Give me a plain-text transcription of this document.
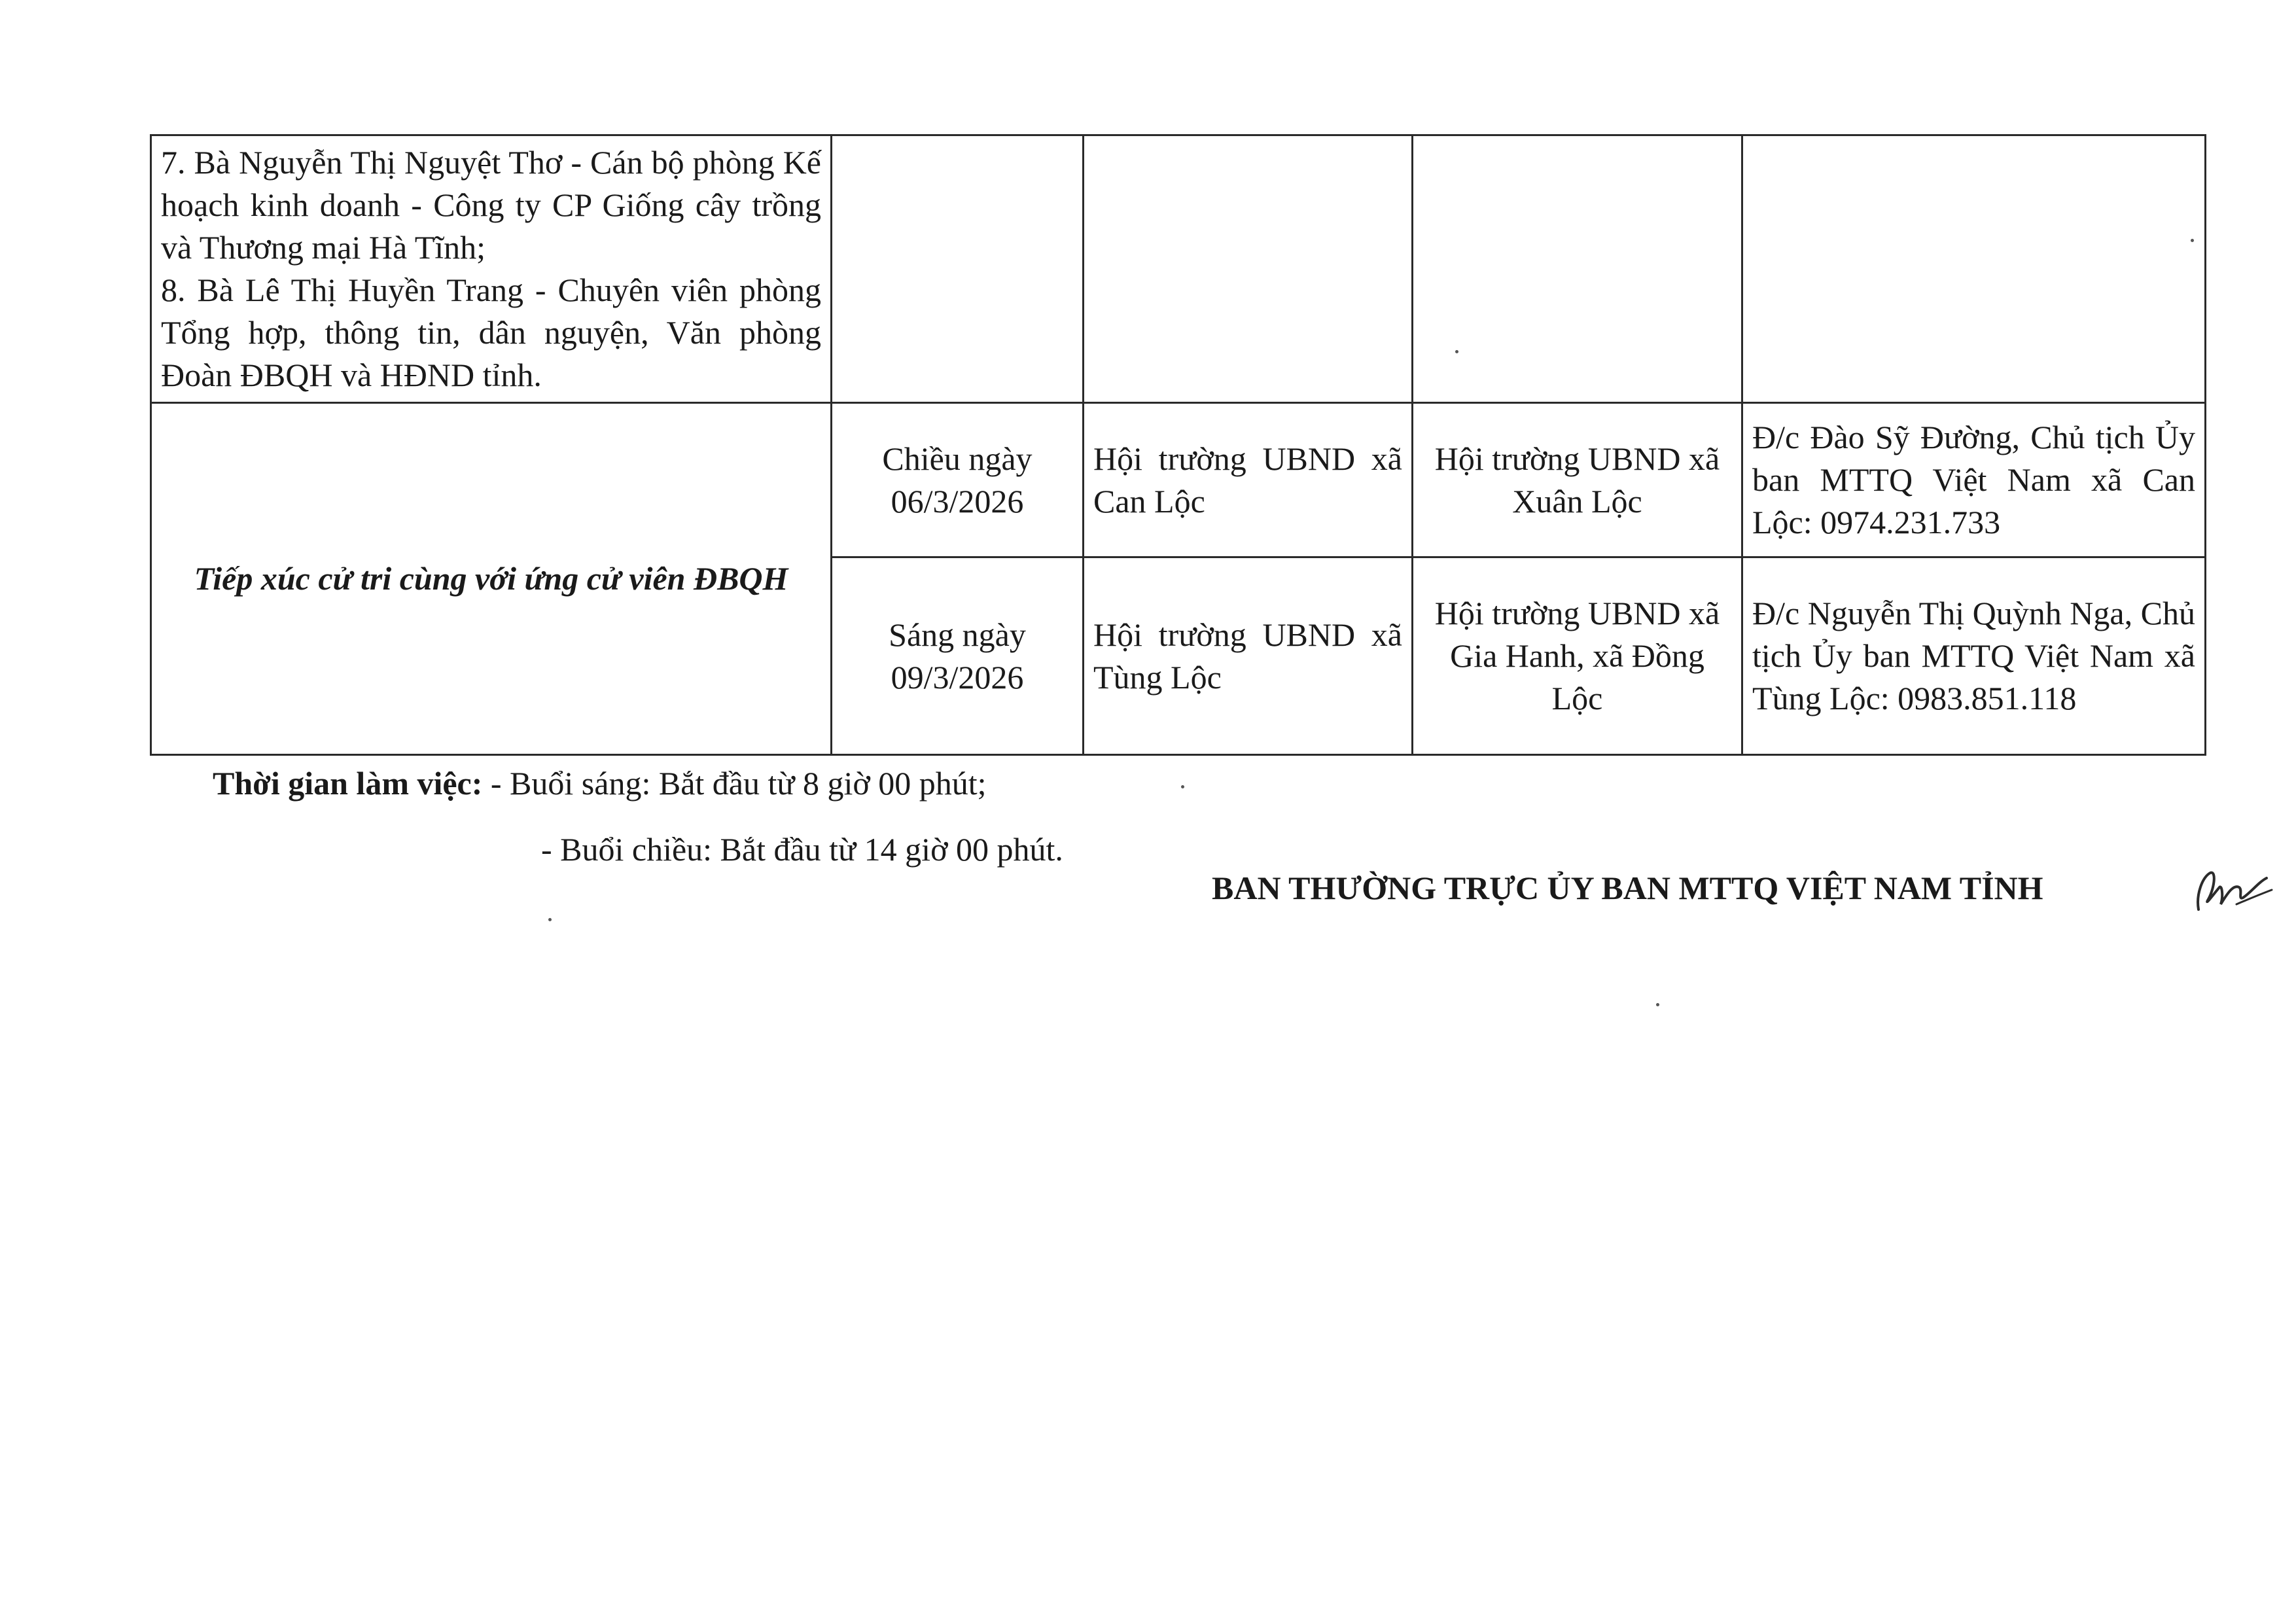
7. Bà Nguyễn Thị Nguyệt Thơ - Cán bộ phòng Kế hoạch kinh doanh - Công ty CP Giống cây trồng và Thương mại Hà Tĩnh;
8. Bà Lê Thị Huyền Trang - Chuyên viên phòng Tổng hợp, thông tin, dân nguyện, Văn phòng Đoàn ĐBQH và HĐND tỉnh.				

Tiếp xúc cử tri cùng với ứng cử viên ĐBQH	Chiều ngày 06/3/2026	Hội trường UBND xã Can Lộc	Hội trường UBND xã Xuân Lộc	Đ/c Đào Sỹ Đường, Chủ tịch Ủy ban MTTQ Việt Nam xã Can Lộc: 0974.231.733
	Sáng ngày 09/3/2026	Hội trường UBND xã Tùng Lộc	Hội trường UBND xã Gia Hanh, xã Đồng Lộc	Đ/c Nguyễn Thị Quỳnh Nga, Chủ tịch Ủy ban MTTQ Việt Nam xã Tùng Lộc: 0983.851.118
Thời gian làm việc: - Buổi sáng: Bắt đầu từ 8 giờ 00 phút;
- Buổi chiều: Bắt đầu từ 14 giờ 00 phút.
BAN THƯỜNG TRỰC ỦY BAN MTTQ VIỆT NAM TỈNH
